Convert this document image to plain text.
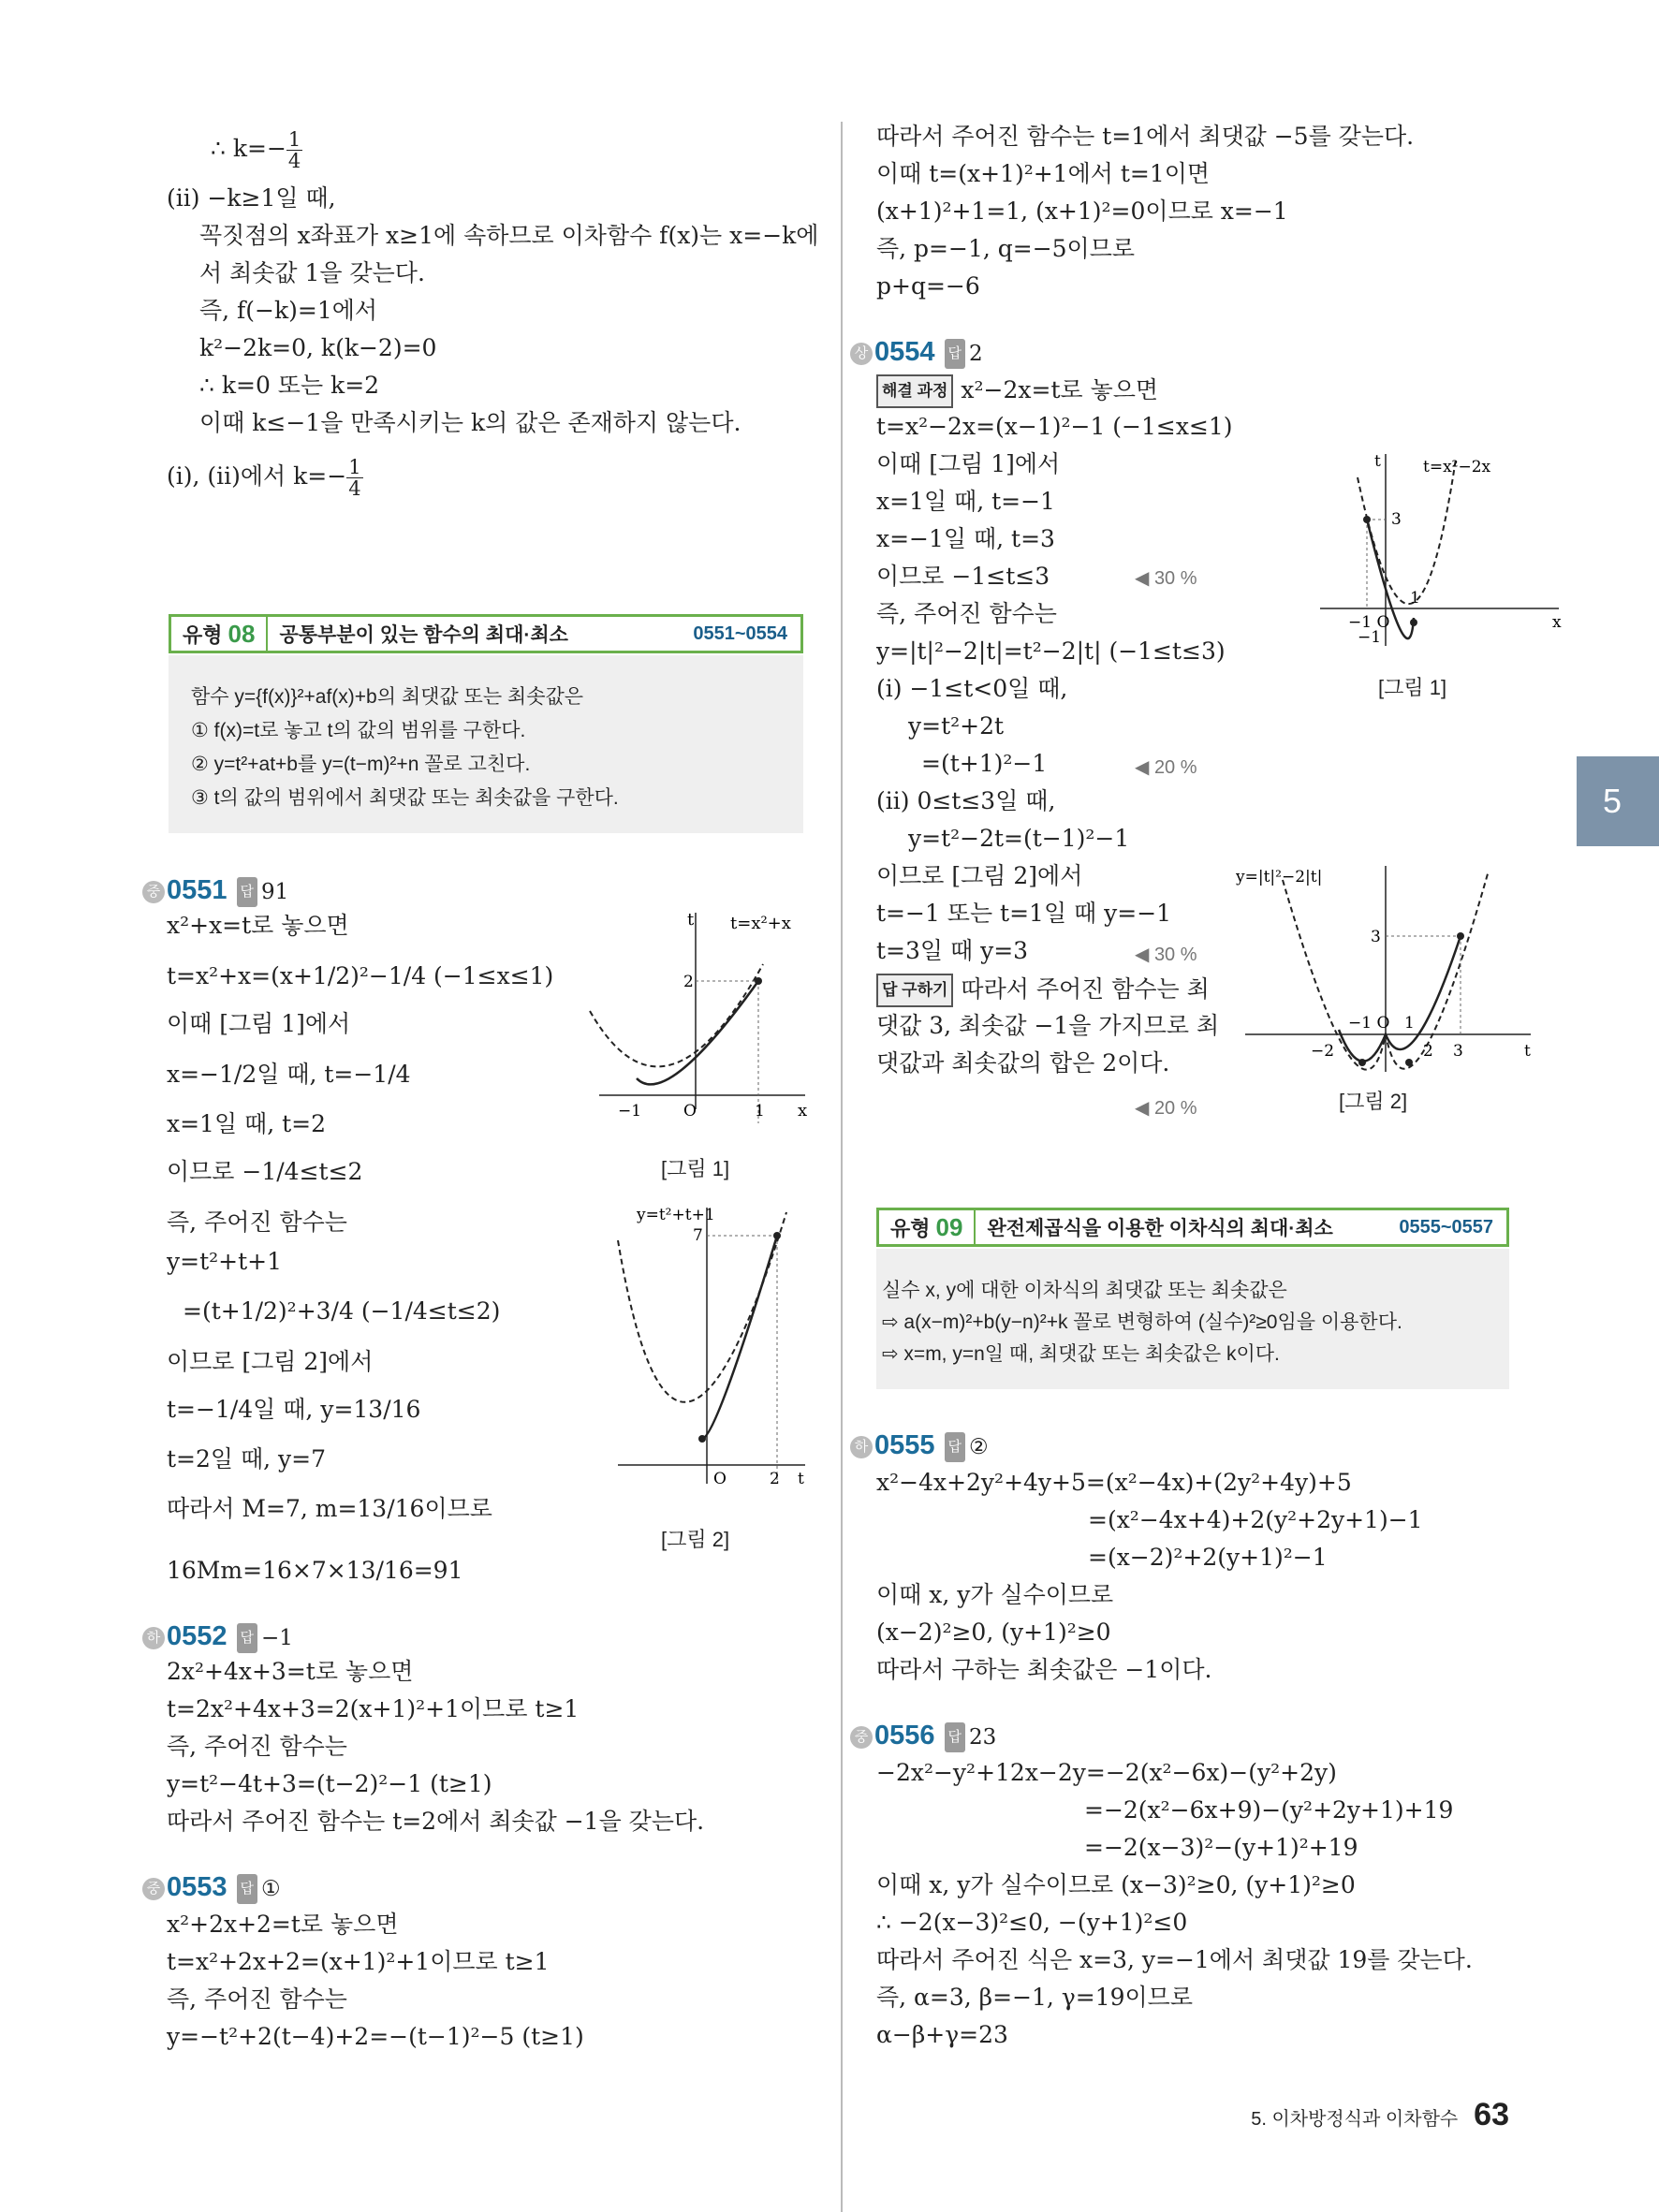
∴ $k=- \frac{1}{4}$
(ii) −k≥1일 때,
꼭짓점의 x좌표가 x≥1에 속하므로 이차함수 f(x)는 x=−k에
서 최솟값 1을 갖는다.
즉, f(−k)=1에서
k²−2k=0, k(k−2)=0
∴ k=0 또는 k=2
이때 k≤−1을 만족시키는 k의 값은 존재하지 않는다.
(i), (ii)에서 $k=- \frac{1}{4}$
유형 08	공통부분이 있는 함수의 최대·최소	0551~0554
함수 y={f(x)}²+af(x)+b의 최댓값 또는 최솟값은
① f(x)=t로 놓고 t의 값의 범위를 구한다.
② y=t²+at+b를 y=(t−m)²+n 꼴로 고친다.
③ t의 값의 범위에서 최댓값 또는 최솟값을 구한다.
중 0551 답 91
x²+x=t로 놓으면
t=x²+x=(x+1/2)²−1/4 (−1≤x≤1)
이때 [그림 1]에서
x=−1/2일 때, t=−1/4
x=1일 때, t=2
이므로 −1/4≤t≤2
즉, 주어진 함수는
y=t²+t+1
=(t+1/2)²+3/4 (−1/4≤t≤2)
이므로 [그림 2]에서
t=−1/4일 때, y=13/16
t=2일 때, y=7
따라서 M=7, m=13/16이므로
16Mm=16×7×13/16=91
t
x
t=x²+x
2
O
−1	1
[그림 1]
y=t²+t+1
7
t
O	2
[그림 2]
하 0552 답 −1
2x²+4x+3=t로 놓으면
t=2x²+4x+3=2(x+1)²+1이므로 t≥1
즉, 주어진 함수는
y=t²−4t+3=(t−2)²−1 (t≥1)
따라서 주어진 함수는 t=2에서 최솟값 −1을 갖는다.
중 0553 답 ①
x²+2x+2=t로 놓으면
t=x²+2x+2=(x+1)²+1이므로 t≥1
즉, 주어진 함수는
y=−t²+2(t−4)+2=−(t−1)²−5 (t≥1)
따라서 주어진 함수는 t=1에서 최댓값 −5를 갖는다.
이때 t=(x+1)²+1에서 t=1이면
(x+1)²+1=1, (x+1)²=0이므로 x=−1
즉, p=−1, q=−5이므로
p+q=−6
상 0554 답 2
해결 과정 x²−2x=t로 놓으면
t=x²−2x=(x−1)²−1 (−1≤x≤1)
이때 [그림 1]에서
x=1일 때, t=−1
x=−1일 때, t=3
이므로 −1≤t≤3	◀ 30 %
즉, 주어진 함수는
y=|t|²−2|t|=t²−2|t| (−1≤t≤3)
(i) −1≤t<0일 때,
y=t²+2t
=(t+1)²−1	◀ 20 %
(ii) 0≤t≤3일 때,
y=t²−2t=(t−1)²−1
이므로 [그림 2]에서
t=−1 또는 t=1일 때 y=−1
t=3일 때 y=3	◀ 30 %
답 구하기 따라서 주어진 함수는 최
댓값 3, 최솟값 −1을 가지므로 최
댓값과 최솟값의 합은 2이다.
◀ 20 %
t
x
t=x²−2x
3
−1 O
1
−1
[그림 1]
y=|t|²−2|t|
3
t
−1 O 1
−2	2 3
[그림 2]
유형 09	완전제곱식을 이용한 이차식의 최대·최소	0555~0557
실수 x, y에 대한 이차식의 최댓값 또는 최솟값은
⇨ a(x−m)²+b(y−n)²+k 꼴로 변형하여 (실수)²≥0임을 이용한다.
⇨ x=m, y=n일 때, 최댓값 또는 최솟값은 k이다.
하 0555 답 ②
x²−4x+2y²+4y+5=(x²−4x)+(2y²+4y)+5
=(x²−4x+4)+2(y²+2y+1)−1
=(x−2)²+2(y+1)²−1
이때 x, y가 실수이므로
(x−2)²≥0, (y+1)²≥0
따라서 구하는 최솟값은 −1이다.
중 0556 답 23
−2x²−y²+12x−2y=−2(x²−6x)−(y²+2y)
=−2(x²−6x+9)−(y²+2y+1)+19
=−2(x−3)²−(y+1)²+19
이때 x, y가 실수이므로 (x−3)²≥0, (y+1)²≥0
∴ −2(x−3)²≤0, −(y+1)²≤0
따라서 주어진 식은 x=3, y=−1에서 최댓값 19를 갖는다.
즉, α=3, β=−1, γ=19이므로
α−β+γ=23
5
5. 이차방정식과 이차함수 63
